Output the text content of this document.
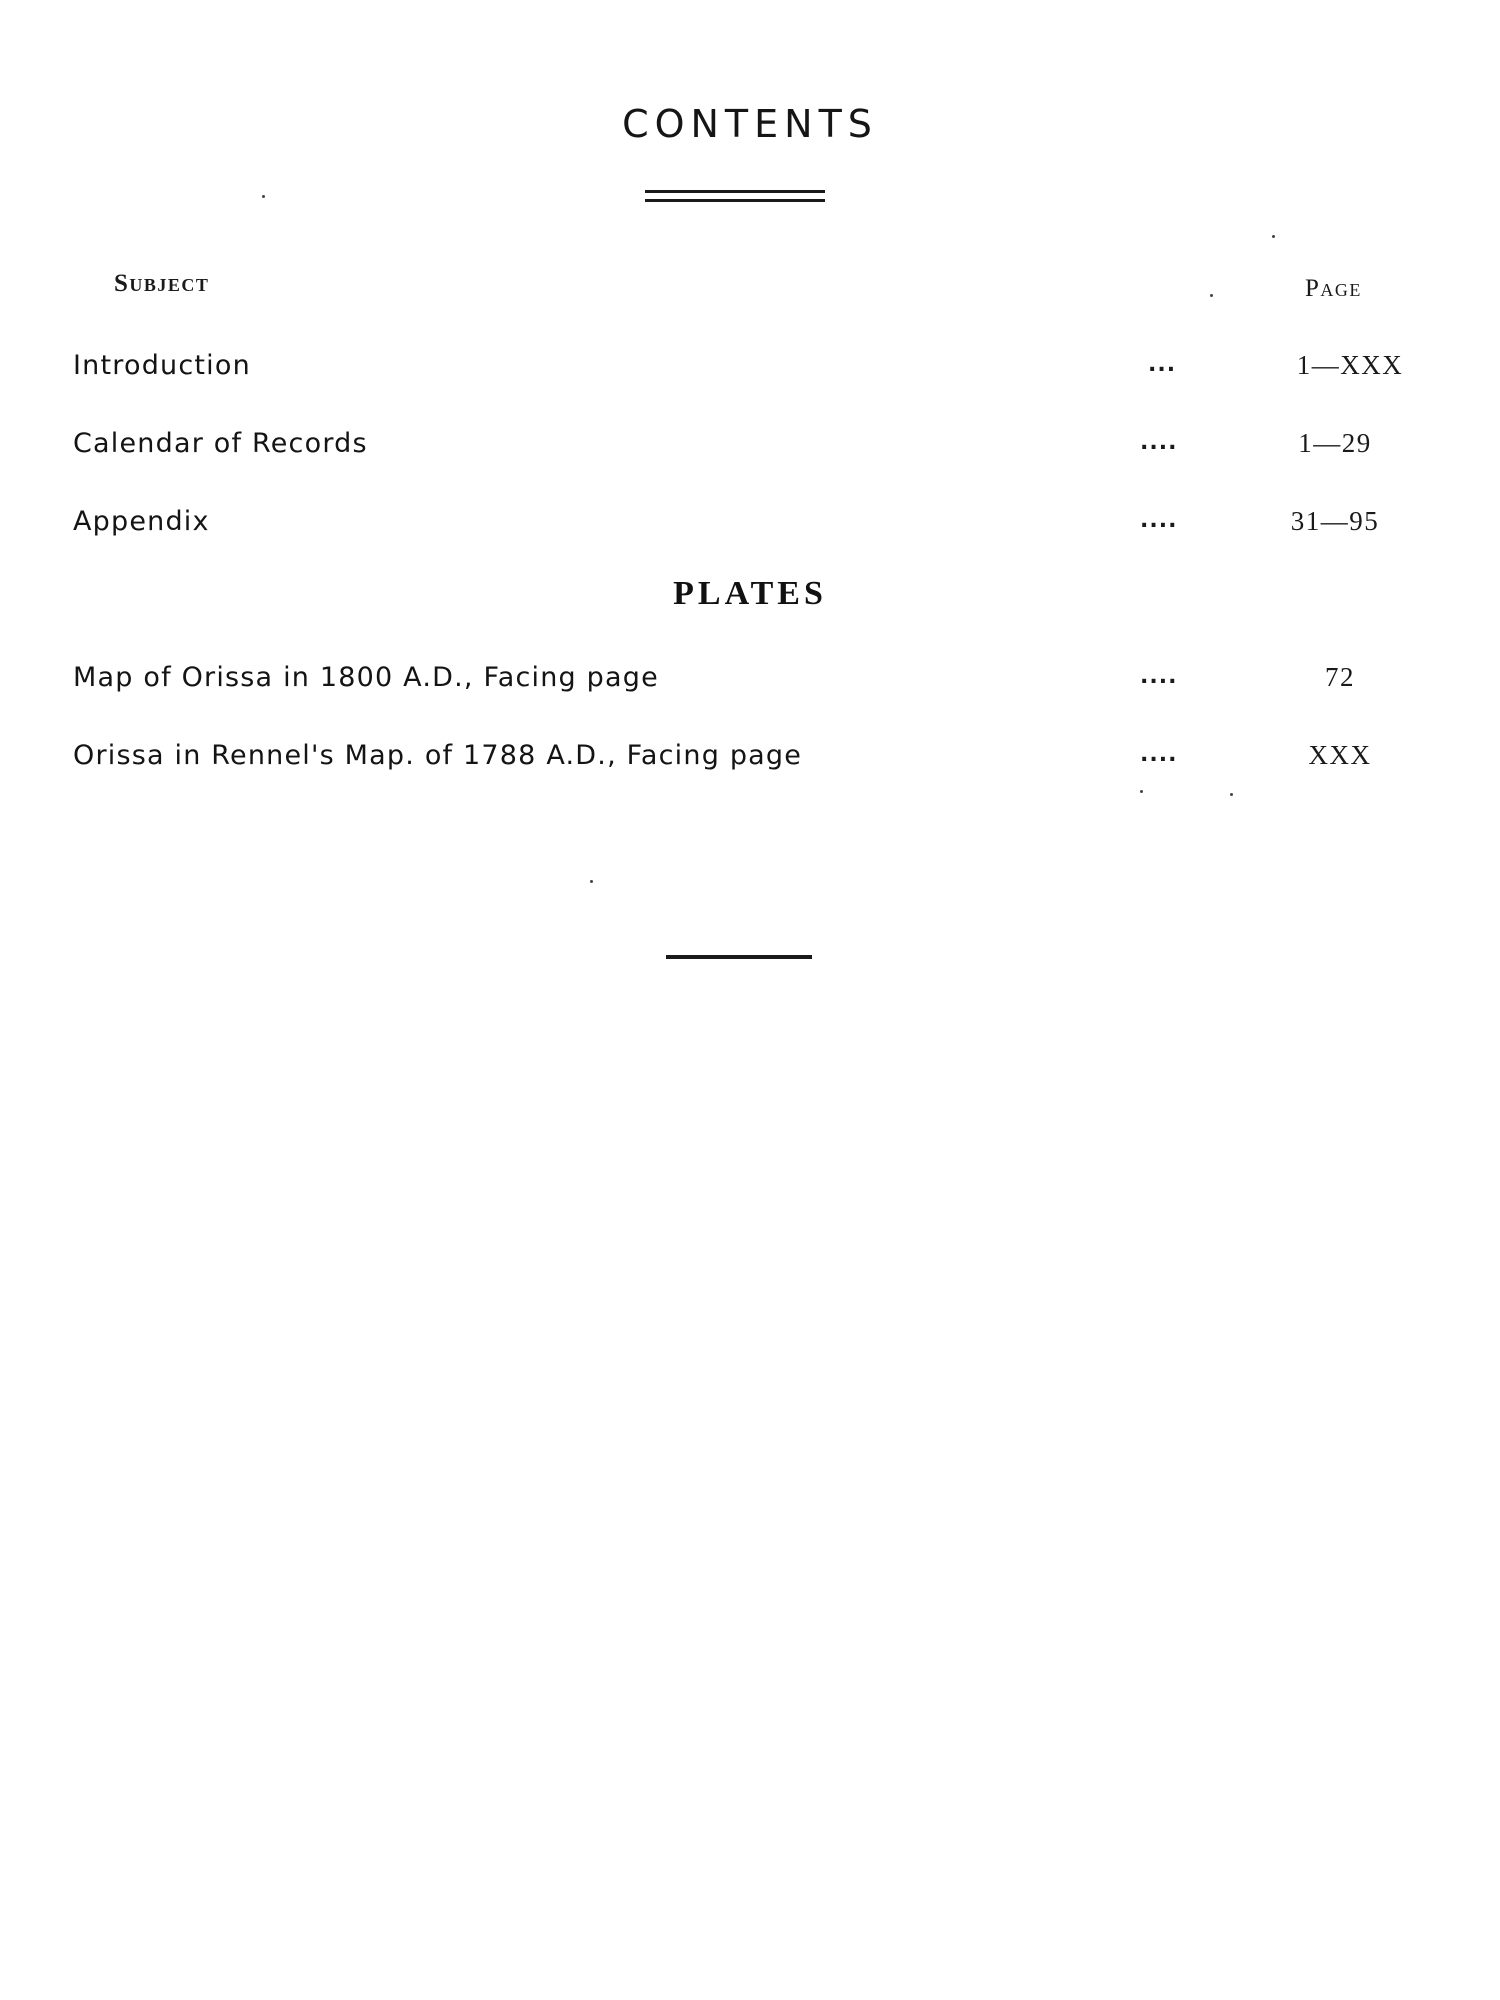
CONTENTS
Subject	Page
Introduction	...	1—XXX
Calendar of Records	....	1—29
Appendix	....	31—95
PLATES
Map of Orissa in 1800 A.D., Facing page	....	72
Orissa in Rennel's Map. of 1788 A.D., Facing page	....	XXX
